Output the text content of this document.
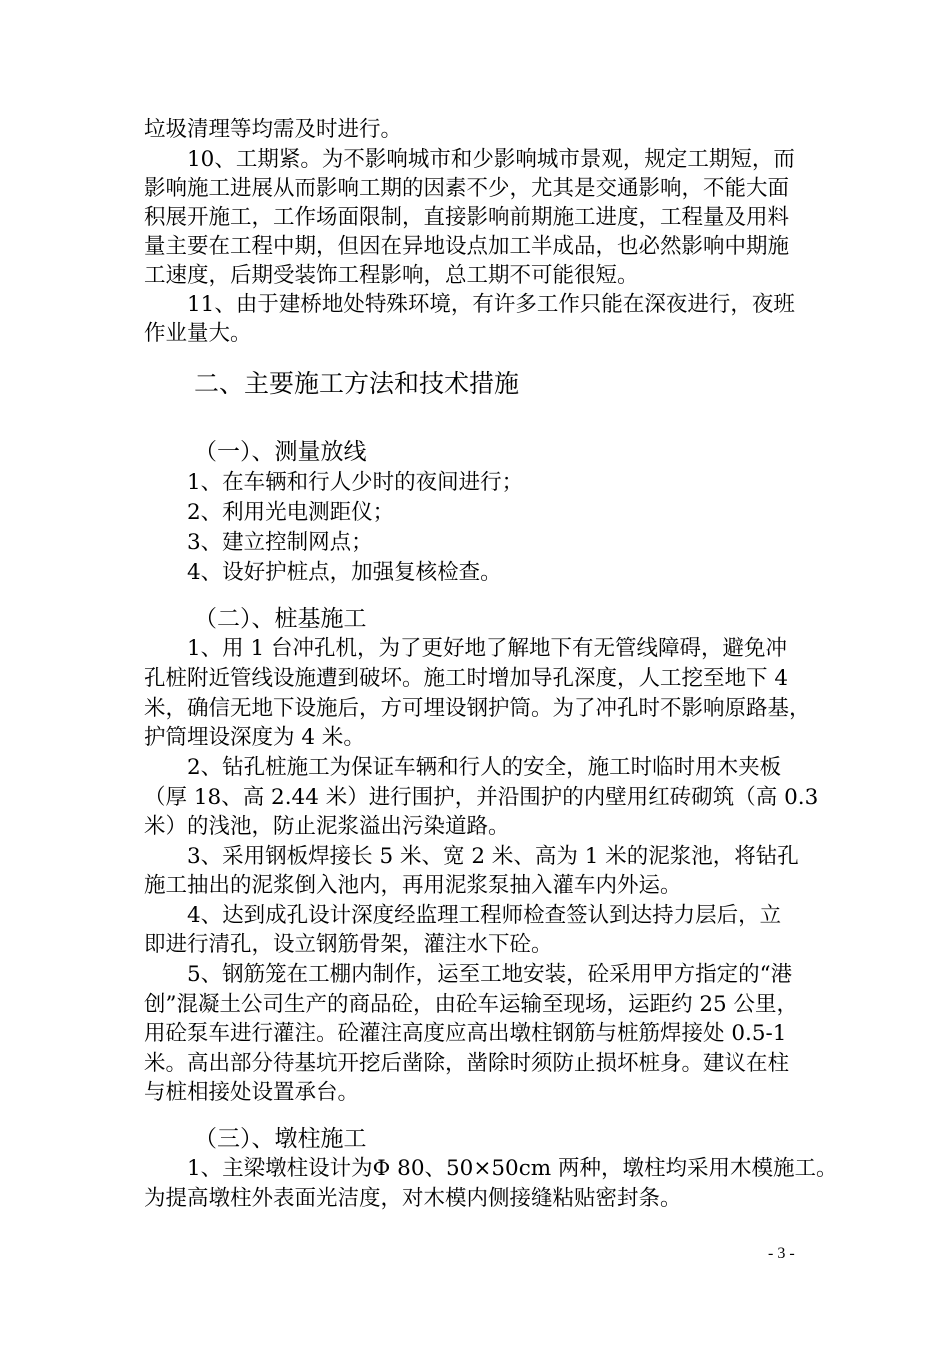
垃圾清理等均需及时进行。
10、工期紧。为不影响城市和少影响城市景观，规定工期短，而
影响施工进展从而影响工期的因素不少，尤其是交通影响，不能大面
积展开施工，工作场面限制，直接影响前期施工进度，工程量及用料
量主要在工程中期，但因在异地设点加工半成品，也必然影响中期施
工速度，后期受装饰工程影响，总工期不可能很短。
11、由于建桥地处特殊环境，有许多工作只能在深夜进行，夜班
作业量大。
二、主要施工方法和技术措施
（一）、测量放线
1、在车辆和行人少时的夜间进行；
2、利用光电测距仪；
3、建立控制网点；
4、设好护桩点，加强复核检查。
（二）、桩基施工
1、用 1 台冲孔机，为了更好地了解地下有无管线障碍，避免冲
孔桩附近管线设施遭到破坏。施工时增加导孔深度，人工挖至地下 4
米，确信无地下设施后，方可埋设钢护筒。为了冲孔时不影响原路基，
护筒埋设深度为 4 米。
2、钻孔桩施工为保证车辆和行人的安全，施工时临时用木夹板
（厚 18、高 2.44 米）进行围护，并沿围护的内壁用红砖砌筑（高 0.3
米）的浅池，防止泥浆溢出污染道路。
3、采用钢板焊接长 5 米、宽 2 米、高为 1 米的泥浆池，将钻孔
施工抽出的泥浆倒入池内，再用泥浆泵抽入灌车内外运。
4、达到成孔设计深度经监理工程师检查签认到达持力层后，立
即进行清孔，设立钢筋骨架，灌注水下砼。
5、钢筋笼在工棚内制作，运至工地安装，砼采用甲方指定的“港
创”混凝土公司生产的商品砼，由砼车运输至现场，运距约 25 公里，
用砼泵车进行灌注。砼灌注高度应高出墩柱钢筋与桩筋焊接处 0.5-1
米。高出部分待基坑开挖后凿除，凿除时须防止损坏桩身。建议在柱
与桩相接处设置承台。
（三）、墩柱施工
1、主梁墩柱设计为Φ 80、50×50cm 两种，墩柱均采用木模施工。
为提高墩柱外表面光洁度，对木模内侧接缝粘贴密封条。
- 3 -
